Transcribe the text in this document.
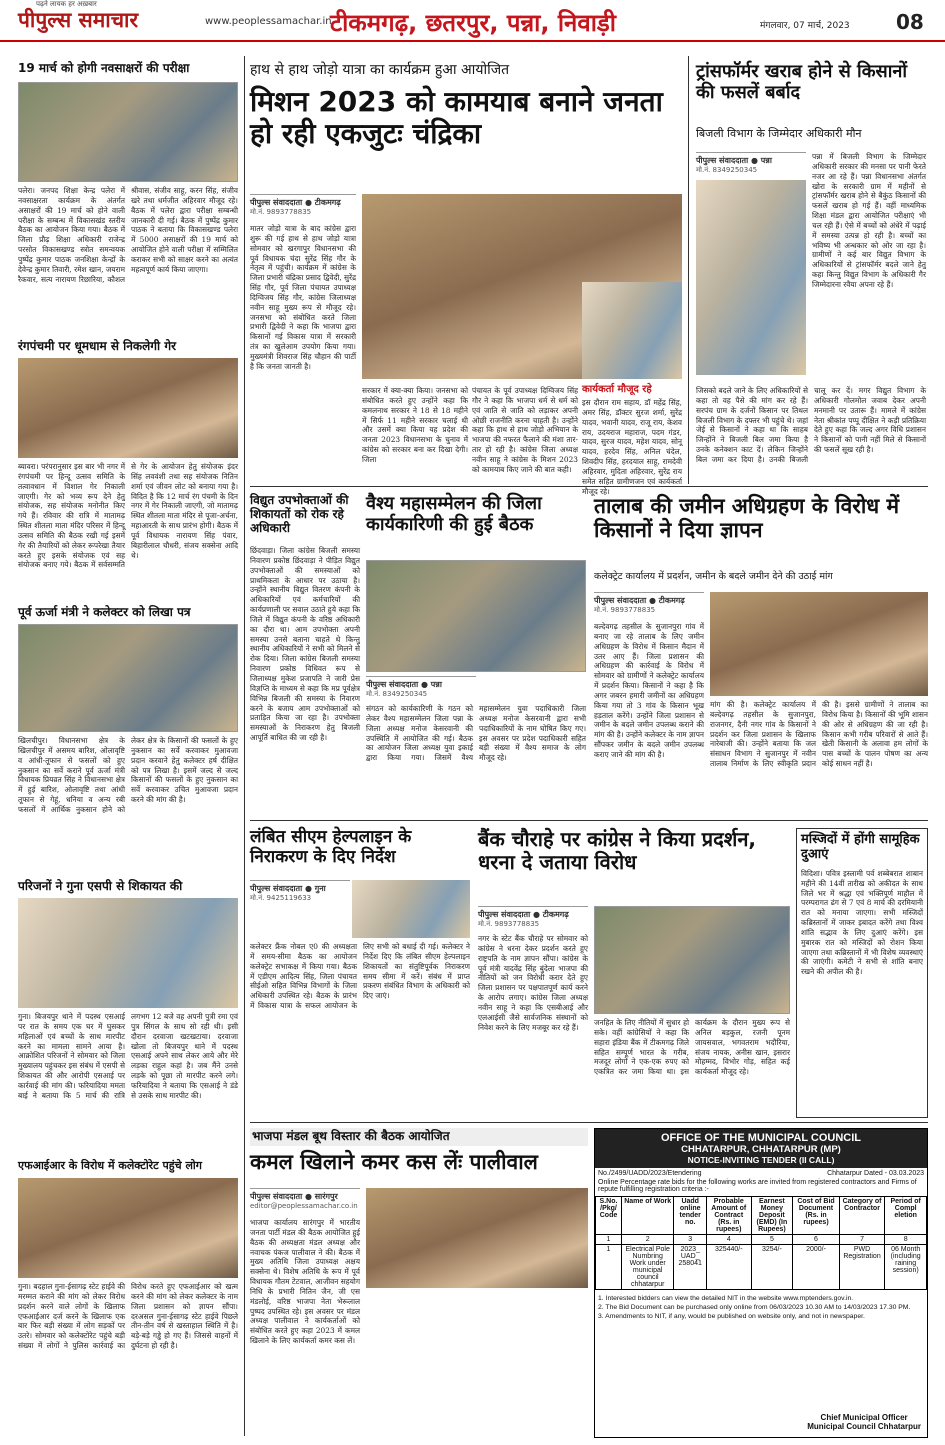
पढ़ने लायक हर अख़बार
पीपुल्स समाचार	www.peoplessamachar.in
टीकमगढ़, छतरपुर, पन्ना, निवाड़ी	मंगलवार, 07 मार्च, 2023 08
19 मार्च को होगी नवसाक्षरों की परीक्षा
पलेरा। जनपद शिक्षा केन्द्र पलेरा में नवसाक्षरता कार्यक्रम के अंतर्गत असाक्षरों की 19 मार्च को होने वाली परीक्षा के सम्बन्ध में विकासखंड स्तरीय बैठक का आयोजन किया गया। बैठक में जिला प्रौढ़ शिक्षा अधिकारी राजेन्द्र परसोत विकासखण्ड स्त्रोत समन्वयक पुष्पेंद्र कुमार पाठक जनशिक्षा केन्द्रों के देवेन्द्र कुमार तिवारी, रमेश खान, जयराम रैकवार, सत्य नारायण रिछारिया, कौशल श्रीवास, संजीव साहू, करन सिंह, संजीव खरे तथा धर्मजीत अहिरवार मौजूद रहे। बैठक में पलेरा द्वारा परीक्षा सम्बन्धी जानकारी दी गई। बैठक में पुष्पेंद्र कुमार पाठक ने बताया कि विकासखण्ड पलेरा में 5000 असाक्षरों की 19 मार्च को आयोजित होने वाली परीक्षा में सम्मिलित कराकर सभी को साक्षर करने का अत्यंत महत्वपूर्ण कार्य किया जाएगा।
रंगपंचमी पर धूमधाम से निकलेगी गेर
ब्यावरा। परंपरानुसार इस बार भी नगर में रंगपंचमी पर हिन्दू उत्सव समिति के तत्वावधान में विशाल गेर निकाली जाएगी। गेर को भव्य रूप देने हेतु संयोजक, सह संयोजक मनोनीत किए गये हैं। रविवार की रात्रि में मातामढ़ स्थित शीतला माता मंदिर परिसर में हिन्दू उत्सव समिति की बैठक रखी गई इसमें गेर की तैयारियों को लेकर रूपरेखा तैयार करते हुए इसके संयोजक एवं सह संयोजक बनाए गये। बैठक में सर्वसम्मति से गेर के आयोजन हेतु संयोजक इंदर सिंह लववंशी तथा सह संयोजक नितिन शर्मा एवं जीवन लोट को बनाया गया है। विदित है कि 12 मार्च रंग पंचमी के दिन नगर में गेर निकाली जाएगी, जो मातामढ़ स्थित शीतला माता मंदिर से पूजा-अर्चना, महाआरती के साथ प्रारंभ होगी। बैठक में पूर्व विधायक नारायण सिंह पंवार, बिहारीलाल चौधरी, संजय सक्सेना आदि थे।
पूर्व ऊर्जा मंत्री ने कलेक्टर को लिखा पत्र
खिलचीपुर। विधानसभा क्षेत्र के खिलचीपुर में असमय बारिश, ओलावृष्टि व आंधी-तूफान से फसलों को हुए नुकसान का सर्वे कराने पूर्व ऊर्जा मंत्री विधायक प्रियव्रत सिंह ने विधानसभा क्षेत्र में हुई बारिश, ओलावृष्टि तथा आंधी तूफान से गेहूं, धनिया व अन्य रबी फसलों में आर्थिक नुकसान होने को लेकर क्षेत्र के किसानों की फसलों के हुए नुकसान का सर्वे करवाकर मुआवजा प्रदान करवाने हेतु कलेक्टर हर्ष दीक्षित को पत्र लिखा है। इसमें जल्द से जल्द किसानों की फसलों के हुए नुकसान का सर्वे करवाकर उचित मुआवजा प्रदान करने की मांग की है।
परिजनों ने गुना एसपी से शिकायत की
गुना। बिजयपुर थाने में पदस्थ एसआई पर रात के समय एक घर में घुसकर महिलाओं एवं बच्चों के साथ मारपीट करने का मामला सामने आया है। आक्रोशित परिजनों ने सोमवार को जिला मुख्यालय पहुंचकर इस संबंध में एसपी से शिकायत की और आरोपी एसआई पर कार्रवाई की मांग की। फरियादिया ममता बाई ने बताया कि 5 मार्च की रात्रि लगभग 12 बजे वह अपनी पुत्री रमा एवं पुत्र सिंगल के साथ सो रही थी। इसी दौरान दरवाजा खटखटाया। दरवाजा खोला तो बिजयपुर थाने में पदस्थ एसआई अपने साथ लेकर आये और मेरे लड़का राहुल कहां है। जब मैंने उनसे लड़के को पूछा तो मारपीट करने लगे। फरियादिया ने बताया कि एसआई ने डंडे से उसके साथ मारपीट की।
एफआईआर के विरोध में कलेक्टोरेट पहुंचे लोग
गुना। बदहाल गुना-ईसागढ़ स्टेट हाईवे की मरम्मत कराने की मांग को लेकर विरोध प्रदर्शन करने वाले लोगों के खिलाफ एफआईआर दर्ज करने के खिलाफ एक बार फिर बड़ी संख्या में लोग सड़कों पर उतरे। सोमवार को कलेक्टोरेट पहुंचे बड़ी संख्या में लोगों ने पुलिस कार्रवाई का विरोध करते हुए एफआईआर को खत्म करने की मांग को लेकर कलेक्टर के नाम जिला प्रशासन को ज्ञापन सौंपा। दरअसल गुना-ईसागढ़ स्टेट हाईवे पिछले तीन-तीन वर्ष से खस्ताहाल स्थिति में है। बड़े-बड़े गड्ढे हो गए हैं। जिससे वाहनों में दुर्घटना हो रही है।
हाथ से हाथ जोड़ो यात्रा का कार्यक्रम हुआ आयोजित
मिशन 2023 को कामयाब बनाने जनता हो रही एकजुटः चंद्रिका
पीपुल्स संवाददाता ● टीकमगढ़
मो.नं. 9893778835
मातर जोड़ो यात्रा के बाद कांग्रेस द्वारा शुरू की गई हाथ से हाथ जोड़ो यात्रा सोमवार को खरगापुर विधानसभा की पूर्व विधायक चंदा सुरेंद्र सिंह गौर के नेतृत्व में पहुंची। कार्यक्रम में कांग्रेस के जिला प्रभारी चंद्रिका प्रसाद द्विवेदी, सुरेंद्र सिंह गौर, पूर्व जिला पंचायत उपाध्यक्ष दिग्विजय सिंह गौर, कांग्रेस जिलाध्यक्ष नवीन साहू मुख्य रूप से मौजूद रहे। जनसभा को संबोधित करते जिला प्रभारी द्विवेदी ने कहा कि भाजपा द्वारा किसानों गई विकास यात्रा में सरकारी तंत्र का खुलेआम उपयोग किया गया। मुख्यमंत्री शिवराज सिंह चौहान की पार्टी है कि जनता जानती है।
सरकार में क्या-क्या किया। जनसभा को संबोधित करते हुए उन्होंने कहा कि कमलनाथ सरकार ने 18 से 18 महीने में सिर्फ 11 महीने सरकार चलाई थी और उसमें क्या किया यह प्रदेश की जनता 2023 विधानसभा के चुनाव में कांग्रेस को सरकार बना कर दिखा देगी। जिला
पंचायत के पूर्व उपाध्यक्ष दिग्विजय सिंह गौर ने कहा कि भाजपा धर्म से धर्म को एवं जाति से जाति को लड़ाकर अपनी ओछी राजनीति करना चाहती है। उन्होंने कहा कि हाथ से हाथ जोड़ो अभियान के भाजपा की नफरत फैलाने की मंशा तार-तार हो रही है। कांग्रेस जिला अध्यक्ष नवीन साहू ने कांग्रेस के मिशन 2023 को कामयाब किए जाने की बात कही।
कार्यकर्ता मौजूद रहे
इस दौरान राम सहाय, डॉ महेंद्र सिंह, अमर सिंह, डॉक्टर सुरज शर्मा, सुरेंद्र यादव, भवानी यादव, राजू राय, केशव राय, उदयराज महाराज, पदम गंडर, यादव, सुरज यादव, महेश यादव, सोनू यादव, हरदेव सिंह, अनिल चंदेल, शिवदीप सिंह, हरदयाल साहू, रामदेवी अहिरवार, मुदिता अहिरवार, सुरेंद्र राय समेत सहित ग्रामीणजन एवं कार्यकर्ता मौजूद रहे।
ट्रांसफॉर्मर खराब होने से किसानों की फसलें बर्बाद
बिजली विभाग के जिम्मेदार अधिकारी मौन
पीपुल्स संवाददाता ● पन्ना
मो.नं. 8349250345
पन्ना में बिजली विभाग के जिम्मेदार अधिकारी सरकार की मनसा पर पानी फेरते नजर आ रहे हैं। पन्ना विधानसभा अंतर्गत खोरा के सरकारी ग्राम में महीनों से ट्रांसफॉर्मर खराब होने से बैकुंठ किसानों की फसलें खराब हो गई हैं। वहीं माध्यमिक शिक्षा मंडल द्वारा आयोजित परीक्षाएं भी चल रही हैं। ऐसे में बच्चों को अंधेरे में पढ़ाई में समस्या उत्पन्न हो रही है। बच्चों का भविष्य भी अन्धकार को ओर जा रहा है। ग्रामीणों ने कई बार विद्युत विभाग के अधिकारियों से ट्रांसफॉर्मर बदले जाने हेतु कहा किन्तु विद्युत विभाग के अधिकारी गैर जिम्मेदारना रवैया अपना रहे हैं।
जिसको बदले जाने के लिए अधिकारियों से कहा तो वह पैसे की मांग कर रहे हैं। सरपंच ग्राम के दर्जनों किसान पर तिथल बिजली विभाग के दफ्तर भी पहुंचे थे। जहां जेई से किसानों ने कहा था कि साहब जिन्होंने ने बिजली बिल जमा किया है उनके कनेक्शन काट दें। लेकिन जिन्होंने बिल जमा कर दिया है। उनकी बिजली चालू कर दें। मगर विद्युत विभाग के अधिकारी गोलमोल जवाब देकर अपनी मनमानी पर उतारू हैं। मामले में कांग्रेस नेता श्रीकांत पप्पू दीक्षित ने कड़ी प्रतिक्रिया देते हुए कहा कि जल्द अगर विधि प्रशासन ने किसानों को पानी नहीं मिले से किसानों की फसलें सूख रही है।
विद्युत उपभोक्ताओं की शिकायतों को रोक रहे अधिकारी
छिंदवाड़ा। जिला कांग्रेस बिजली समस्या निवारण प्रकोष्ठ छिंदवाड़ा ने पीड़ित विद्युत उपभोक्ताओं की समस्याओं को प्राथमिकता के आधार पर उठाया है। उन्होंने स्थानीय विद्युत वितरण कंपनी के अधिकारियों एवं कर्मचारियों की कार्यप्रणाली पर सवाल उठाते हुये कहा कि जिले में विद्युत कंपनी के वरिष्ठ अधिकारी का दौरा था। आम उपभोक्ता अपनी समस्या उनसे बताना चाहते थे किन्तु स्थानीय अधिकारियों ने सभी को मिलने से रोक दिया। जिला कांग्रेस बिजली समस्या निवारण प्रकोष्ठ विधिवत रूप से जिलाध्यक्ष मुकेश प्रजापति ने जारी प्रेस विज्ञप्ति के माध्यम से कहा कि मप्र पूर्वक्षेत्र विभिन्न बिजली की समस्या के निवारण करने के बजाय आम उपभोक्ताओं को प्रताड़ित किया जा रहा है। उपभोक्ता समस्याओं के निराकरण हेतु बिजली आपूर्ति बाधित की जा रही है।
वैश्य महासम्मेलन की जिला कार्यकारिणी की हुई बैठक
पीपुल्स संवाददाता ● पन्ना
मो.नं. 8349250345
संगठन को कार्यकारिणी के गठन को लेकर वैश्य महासम्मेलन जिला पन्ना के जिला अध्यक्ष मनोज केसरवानी की उपस्थिति में आयोजित की गई। बैठक का आयोजन जिला अध्यक्ष युवा इकाई द्वारा किया गया। जिसमें वैश्य महासम्मेलन युवा पदाधिकारी जिला अध्यक्ष मनोज केसरवानी द्वारा सभी पदाधिकारियों के नाम घोषित किए गए। इस अवसर पर प्रदेश पदाधिकारी सहित बड़ी संख्या में वैश्य समाज के लोग मौजूद रहे।
तालाब की जमीन अधिग्रहण के विरोध में किसानों ने दिया ज्ञापन
कलेक्ट्रेट कार्यालय में प्रदर्शन, जमीन के बदले जमीन देने की उठाई मांग
पीपुल्स संवाददाता ● टीकमगढ़
मो.नं. 9893778835
बल्देवगढ़ तहसील के सुजानपुरा गांव में बनाए जा रहे तालाब के लिए जमीन अधिग्रहण के विरोध में किसान मैदान में उतर आए हैं। जिला प्रशासन की अधिग्रहण की कार्रवाई के विरोध में सोमवार को ग्रामीणों ने कलेक्ट्रेट कार्यालय में प्रदर्शन किया। किसानों ने कहा है कि अगर जबरन हमारी जमीनों का अधिग्रहण किया गया तो 3 गांव के किसान भूख हड़ताल करेंगे। उन्होंने जिला प्रशासन से जमीन के बदले जमीन उपलब्ध कराने की मांग की है। उन्होंने कलेक्टर के नाम ज्ञापन सौंपकर जमीन के बदले जमीन उपलब्ध कराए जाने की मांग की है।
मांग की है। कलेक्ट्रेट कार्यालय में बल्देवगढ़ तहसील के सुजानपुरा, राजनगर, दैनी नगर गांव के किसानों ने प्रदर्शन कर जिला प्रशासन के खिलाफ नारेबाजी की। उन्होंने बताया कि जल संसाधन विभाग ने सुजानपुर में नवीन तालाब निर्माण के लिए स्वीकृति प्रदान की है। इससे ग्रामीणों ने तालाब का विरोध किया है। किसानों की भूमि शासन की ओर से अधिग्रहण की जा रही है। किसान कभी गरीब परिवारों से आते हैं। खेती किसानी के अलावा हम लोगों के पास बच्चों के पालन पोषण का अन्य कोई साधन नहीं है।
लंबित सीएम हेल्पलाइन के निराकरण के दिए निर्देश
पीपुल्स संवाददाता ● गुना
मो.नं. 9425119633
कलेक्टर फ्रैंक नोबल ए0 की अध्यक्षता में समय-सीमा बैठक का आयोजन कलेक्ट्रेट सभाकक्ष में किया गया। बैठक में एडीएम आदित्य सिंह, जिला पंचायत सीईओ सहित विभिन्न विभागों के जिला अधिकारी उपस्थित रहे। बैठक के प्रारंभ में विकास यात्रा के सफल आयोजन के लिए सभी को बधाई दी गई। कलेक्टर ने निर्देश दिए कि लंबित सीएम हेल्पलाइन शिकायतों का संतुष्टिपूर्वक निराकरण समय सीमा में करें। संबंध में प्राप्त प्रकरण संबंधित विभाग के अधिकारी को दिए जाएं।
बैंक चौराहे पर कांग्रेस ने किया प्रदर्शन, धरना दे जताया विरोध
पीपुल्स संवाददाता ● टीकमगढ़
मो.नं. 9893778835
नगर के स्टेट बैंक चौराहे पर सोमवार को कांग्रेस ने धरना देकर प्रदर्शन करते हुए राष्ट्रपति के नाम ज्ञापन सौंपा। कांग्रेस के पूर्व मंत्री यादवेंद्र सिंह बुंदेला भाजपा की नीतियों को जन विरोधी करार देते हुए जिला प्रशासन पर पक्षपातपूर्ण कार्य करने के आरोप लगाए। कांग्रेस जिला अध्यक्ष नवीन साहू ने कहा कि एसबीआई और एलआईसी जैसे सार्वजनिक संस्थानों को निवेश करने के लिए मजबूर कर रहे हैं।
जनहित के लिए नीतियों में सुधार हो सके। वहीं कांग्रेसियों ने कहा कि सहारा इंडिया बैंक में टीकमगढ़ जिले सहित सम्पूर्ण भारत के गरीब, मजदूर लोगों ने एक-एक रुपए को एकत्रित कर जमा किया था। इस कार्यक्रम के दौरान मुख्य रूप से अनिल बड़कुल, रजनी पूनम जायसवाल, भगवतराम भदौरिया, संजय नायक, अनीस खान, इसरार मोहम्मद, विभोर गोड़, सहित कई कार्यकर्ता मौजूद रहे।
मस्जिदों में होंगी सामूहिक दुआएं
विदिशा। पवित्र इस्लामी पर्व शब्बेबरात शाबान महीने की 14वीं तारीख को अकीदत के साथ जिले भर में श्रद्धा एवं भक्तिपूर्ण माहौल में परम्परागत ढंग से 7 एवं 8 मार्च की दरमियानी रात को मनाया जाएगा। सभी मस्जिदों कब्रिस्तानों में जाकर इबादत करेंगे तथा विश्व शांति सद्भाव के लिए दुआएं करेंगे। इस मुबारक रात को मस्जिदों को रोशन किया जाएगा तथा कब्रिस्तानों में भी विशेष व्यवस्थाएं की जाएंगी। कमेटी ने सभी से शांति बनाए रखने की अपील की है।
भाजपा मंडल बूथ विस्तार की बैठक आयोजित
कमल खिलाने कमर कस लेंः पालीवाल
पीपुल्स संवाददाता ● सारंगपुर
editor@peoplessamachar.co.in
भाजपा कार्यालय सारंगपुर में भारतीय जनता पार्टी मंडल की बैठक आयोजित हुई बैठक की अध्यक्षता मंडल अध्यक्ष और नवाचक पंकज पालीवाल ने की। बैठक में मुख्य अतिथि जिला उपाध्यक्ष अक्षय सक्सेना थे। विशेष अतिथि के रूप में पूर्व विधायक गौतम टेटवाल, आजीवन सहयोग निधि के प्रभारी नितिन जैन, जी एस मंडलोई, वरिष्ठ भाजपा नेता भेरूलाल पुष्पद उपस्थित रहे। इस अवसर पर मंडल अध्यक्ष पालीवाल ने कार्यकर्ताओं को संबोधित करते हुए कहा 2023 में कमल खिलाने के लिए कार्यकर्ता कमर कस लें।
OFFICE OF THE MUNICIPAL COUNCIL
CHHATARPUR, CHHATARPUR (MP)
NOTICE-INVITING TENDER (II CALL)
No./2499/UADD/2023/Etendering	Chhatarpur Dated - 03.03.2023
Online Percentage rate bids for the following works are invited from registered contractors and Firms of repute fulfilling registration criteria :-
S.No. /Pkg/ Code	Name of Work	Uadd online tender no.	Probable Amount of Contract (Rs. in rupees)	Earnest Money Deposit (EMD) (In Rupees)	Cost of Bid Document (Rs. in rupees)	Category of Contractor	Period of Compl eletion
1	2	3	4	5	6	7	8
1	Electrical Pole Numbring Work under municipal council chhatarpur	2023_ UAD_ 258041	325440/-	3254/-	2000/-	PWD Registration	06 Month (including raining session)
1. Interested bidders can view the detailed NIT in the website www.mptenders.gov.in.
2. The Bid Document can be purchased only online from 06/03/2023 10.30 AM to 14/03/2023 17.30 PM.
3. Amendments to NIT, if any, would be published on website only, and not in newspaper.
Chief Municipal Officer
Municipal Council Chhatarpur
